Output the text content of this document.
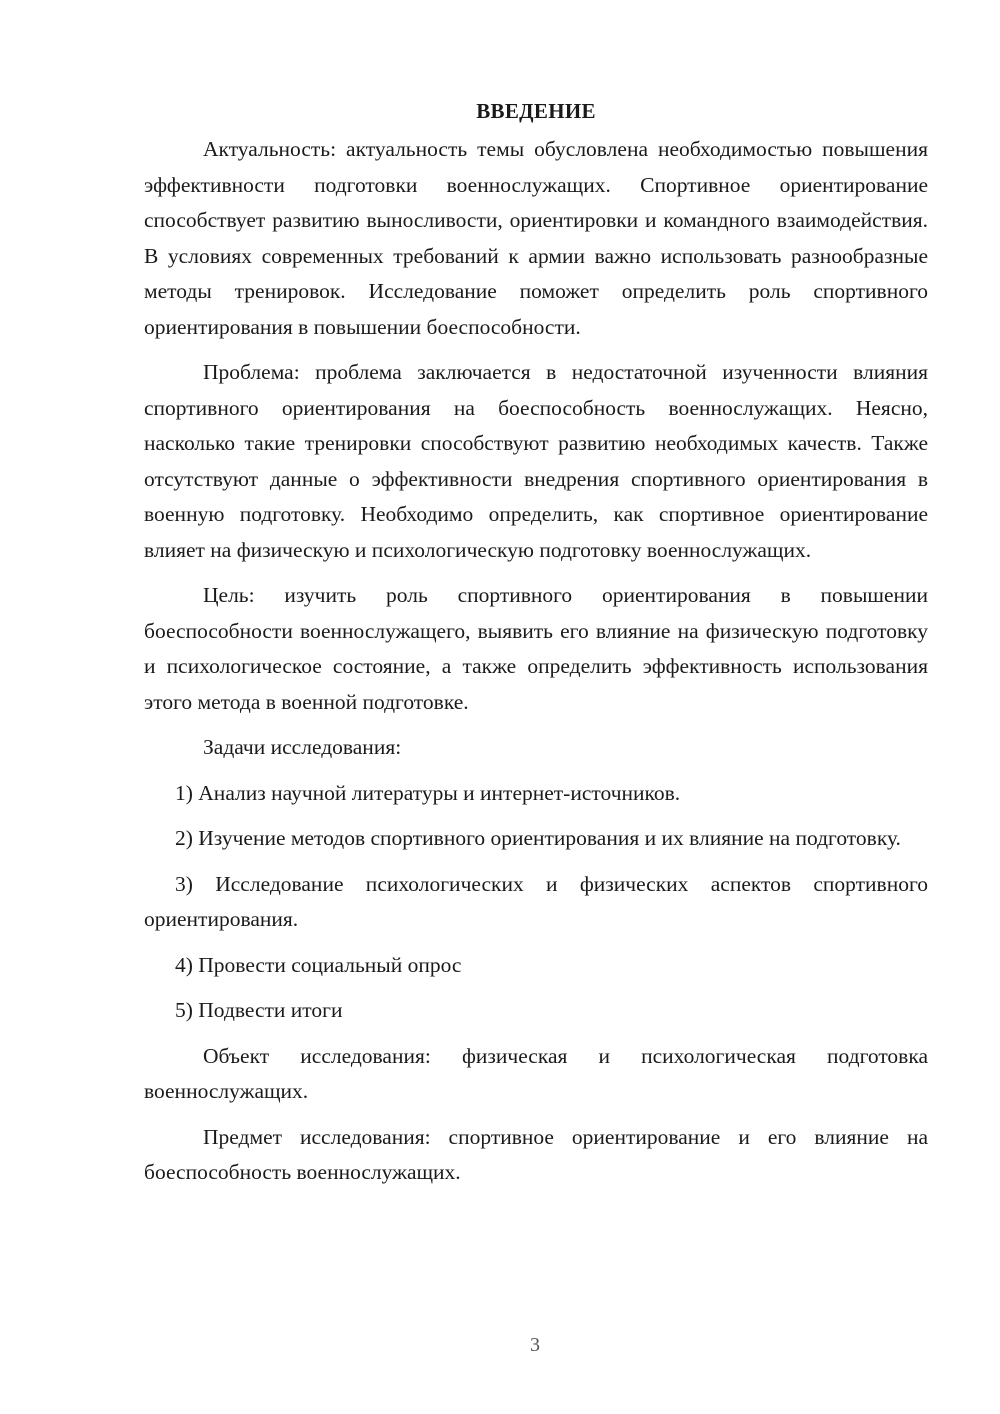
ВВЕДЕНИЕ

Актуальность: актуальность темы обусловлена необходимостью повышения эффективности подготовки военнослужащих. Спортивное ориентирование способствует развитию выносливости, ориентировки и командного взаимодействия. В условиях современных требований к армии важно использовать разнообразные методы тренировок. Исследование поможет определить роль спортивного ориентирования в повышении боеспособности.

Проблема: проблема заключается в недостаточной изученности влияния спортивного ориентирования на боеспособность военнослужащих. Неясно, насколько такие тренировки способствуют развитию необходимых качеств. Также отсутствуют данные о эффективности внедрения спортивного ориентирования в военную подготовку. Необходимо определить, как спортивное ориентирование влияет на физическую и психологическую подготовку военнослужащих.

Цель: изучить роль спортивного ориентирования в повышении боеспособности военнослужащего, выявить его влияние на физическую подготовку и психологическое состояние, а также определить эффективность использования этого метода в военной подготовке.

Задачи исследования:

1) Анализ научной литературы и интернет-источников.

2) Изучение методов спортивного ориентирования и их влияние на подготовку.

3) Исследование психологических и физических аспектов спортивного ориентирования.

4) Провести социальный опрос

5) Подвести итоги

Объект исследования: физическая и психологическая подготовка военнослужащих.

Предмет исследования: спортивное ориентирование и его влияние на боеспособность военнослужащих.

3
